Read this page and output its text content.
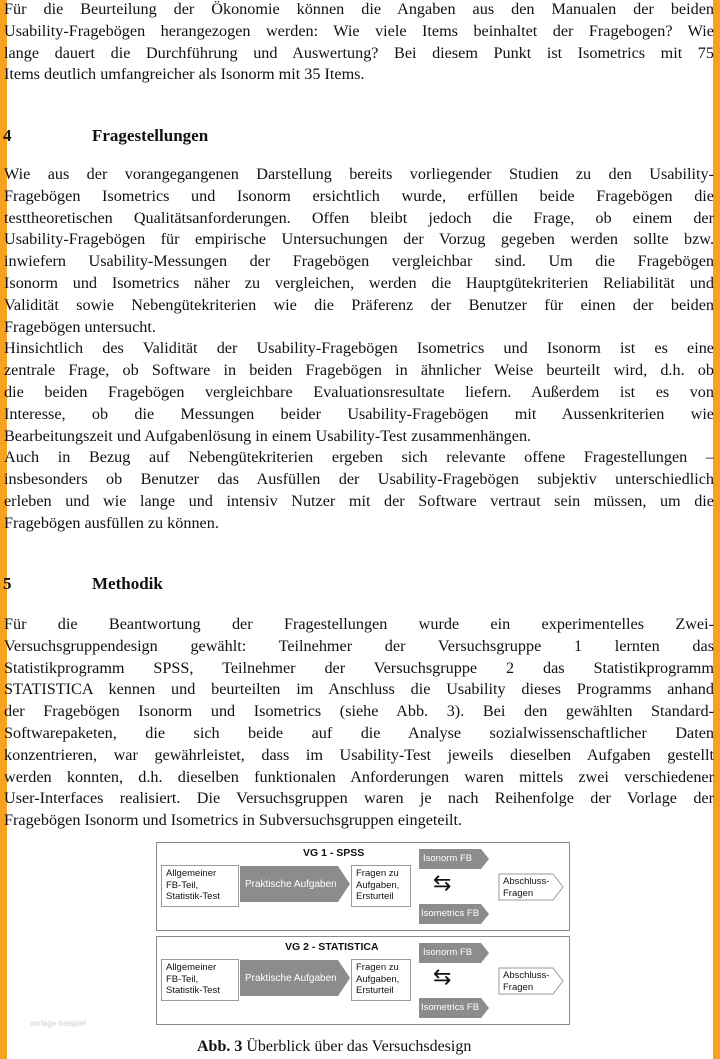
Für die Beurteilung der Ökonomie können die Angaben aus den Manualen der beiden
Usability-Fragebögen herangezogen werden: Wie viele Items beinhaltet der Fragebogen? Wie
lange dauert die Durchführung und Auswertung? Bei diesem Punkt ist Isometrics mit 75
Items deutlich umfangreicher als Isonorm mit 35 Items.
4	Fragestellungen
Wie aus der vorangegangenen Darstellung bereits vorliegender Studien zu den Usability-
Fragebögen Isometrics und Isonorm ersichtlich wurde, erfüllen beide Fragebögen die
testtheoretischen Qualitätsanforderungen. Offen bleibt jedoch die Frage, ob einem der
Usability-Fragebögen für empirische Untersuchungen der Vorzug gegeben werden sollte bzw.
inwiefern Usability-Messungen der Fragebögen vergleichbar sind. Um die Fragebögen
Isonorm und Isometrics näher zu vergleichen, werden die Hauptgütekriterien Reliabilität und
Validität sowie Nebengütekriterien wie die Präferenz der Benutzer für einen der beiden
Fragebögen untersucht.
Hinsichtlich des Validität der Usability-Fragebögen Isometrics und Isonorm ist es eine
zentrale Frage, ob Software in beiden Fragebögen in ähnlicher Weise beurteilt wird, d.h. ob
die beiden Fragebögen vergleichbare Evaluationsresultate liefern. Außerdem ist es von
Interesse, ob die Messungen beider Usability-Fragebögen mit Aussenkriterien wie
Bearbeitungszeit und Aufgabenlösung in einem Usability-Test zusammenhängen.
Auch in Bezug auf Nebengütekriterien ergeben sich relevante offene Fragestellungen –
insbesonders ob Benutzer das Ausfüllen der Usability-Fragebögen subjektiv unterschiedlich
erleben und wie lange und intensiv Nutzer mit der Software vertraut sein müssen, um die
Fragebögen ausfüllen zu können.
5	Methodik
Für die Beantwortung der Fragestellungen wurde ein experimentelles Zwei-
Versuchsgruppendesign gewählt: Teilnehmer der Versuchsgruppe 1 lernten das
Statistikprogramm SPSS, Teilnehmer der Versuchsgruppe 2 das Statistikprogramm
STATISTICA kennen und beurteilten im Anschluss die Usability dieses Programms anhand
der Fragebögen Isonorm und Isometrics (siehe Abb. 3). Bei den gewählten Standard-
Softwarepaketen, die sich beide auf die Analyse sozialwissenschaftlicher Daten
konzentrieren, war gewährleistet, dass im Usability-Test jeweils dieselben Aufgaben gestellt
werden konnten, d.h. dieselben funktionalen Anforderungen waren mittels zwei verschiedener
User-Interfaces realisiert. Die Versuchsgruppen waren je nach Reihenfolge der Vorlage der
Fragebögen Isonorm und Isometrics in Subversuchsgruppen eingeteilt.
VG 1 - SPSS
Allgemeiner
FB-Teil,
Statistik-Test
Praktische Aufgaben
Fragen zu
Aufgaben,
Ersturteil
Isonorm FB
⇆
Isometrics FB
Abschluss-
Fragen
VG 2 - STATISTICA
Allgemeiner
FB-Teil,
Statistik-Test
Praktische Aufgaben
Fragen zu
Aufgaben,
Ersturteil
Isonorm FB
⇆
Isometrics FB
Abschluss-
Fragen
vorlage-beispiel
Abb. 3 Überblick über das Versuchsdesign
